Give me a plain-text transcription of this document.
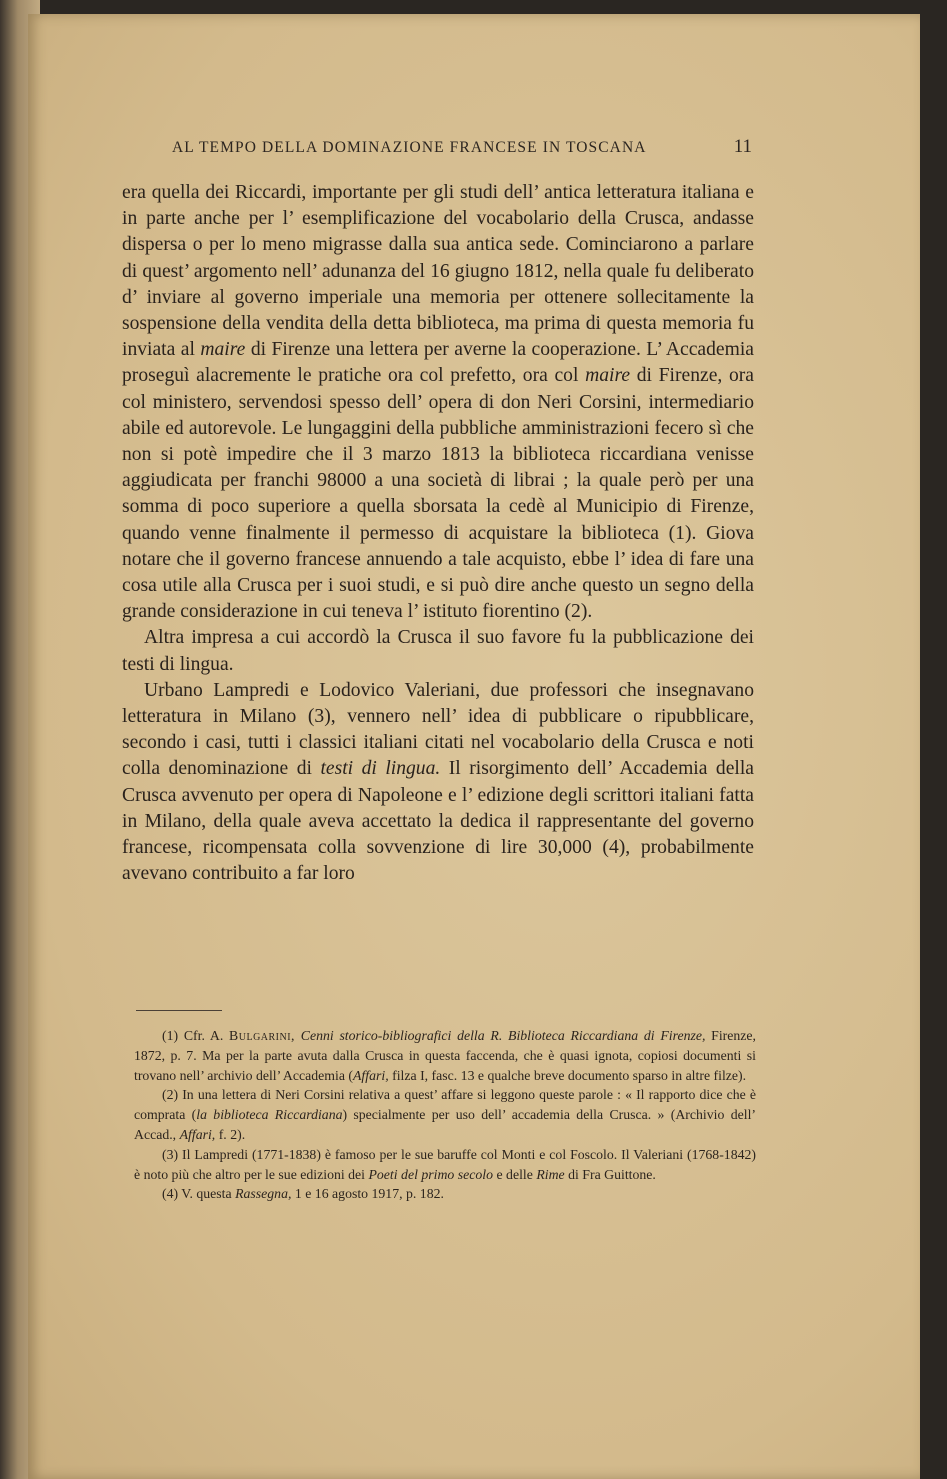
AL TEMPO DELLA DOMINAZIONE FRANCESE IN TOSCANA	11

era quella dei Riccardi, importante per gli studi dell’ antica letteratura italiana e in parte anche per l’ esemplificazione del vocabolario della Crusca, andasse dispersa o per lo meno migrasse dalla sua antica sede. Cominciarono a parlare di quest’ argomento nell’ adunanza del 16 giugno 1812, nella quale fu deliberato d’ inviare al governo imperiale una memoria per ottenere sollecitamente la sospensione della vendita della detta biblioteca, ma prima di questa memoria fu inviata al maire di Firenze una lettera per averne la cooperazione. L’ Accademia proseguì alacremente le pratiche ora col prefetto, ora col maire di Firenze, ora col ministero, servendosi spesso dell’ opera di don Neri Corsini, intermediario abile ed autorevole. Le lungaggini della pubbliche amministrazioni fecero sì che non si potè impedire che il 3 marzo 1813 la biblioteca riccardiana venisse aggiudicata per franchi 98000 a una società di librai ; la quale però per una somma di poco superiore a quella sborsata la cedè al Municipio di Firenze, quando venne finalmente il permesso di acquistare la biblioteca (1). Giova notare che il governo francese annuendo a tale acquisto, ebbe l’ idea di fare una cosa utile alla Crusca per i suoi studi, e si può dire anche questo un segno della grande considerazione in cui teneva l’ istituto fiorentino (2).

Altra impresa a cui accordò la Crusca il suo favore fu la pubblicazione dei testi di lingua.

Urbano Lampredi e Lodovico Valeriani, due professori che insegnavano letteratura in Milano (3), vennero nell’ idea di pubblicare o ripubblicare, secondo i casi, tutti i classici italiani citati nel vocabolario della Crusca e noti colla denominazione di testi di lingua. Il risorgimento dell’ Accademia della Crusca avvenuto per opera di Napoleone e l’ edizione degli scrittori italiani fatta in Milano, della quale aveva accettato la dedica il rappresentante del governo francese, ricompensata colla sovvenzione di lire 30,000 (4), probabilmente avevano contribuito a far loro

(1) Cfr. A. Bulgarini, Cenni storico-bibliografici della R. Biblioteca Riccardiana di Firenze, Firenze, 1872, p. 7. Ma per la parte avuta dalla Crusca in questa faccenda, che è quasi ignota, copiosi documenti si trovano nell’ archivio dell’ Accademia (Affari, filza I, fasc. 13 e qualche breve documento sparso in altre filze).

(2) In una lettera di Neri Corsini relativa a quest’ affare si leggono queste parole : « Il rapporto dice che è comprata (la biblioteca Riccardiana) specialmente per uso dell’ accademia della Crusca. » (Archivio dell’ Accad., Affari, f. 2).

(3) Il Lampredi (1771-1838) è famoso per le sue baruffe col Monti e col Foscolo. Il Valeriani (1768-1842) è noto più che altro per le sue edizioni dei Poeti del primo secolo e delle Rime di Fra Guittone.

(4) V. questa Rassegna, 1 e 16 agosto 1917, p. 182.
